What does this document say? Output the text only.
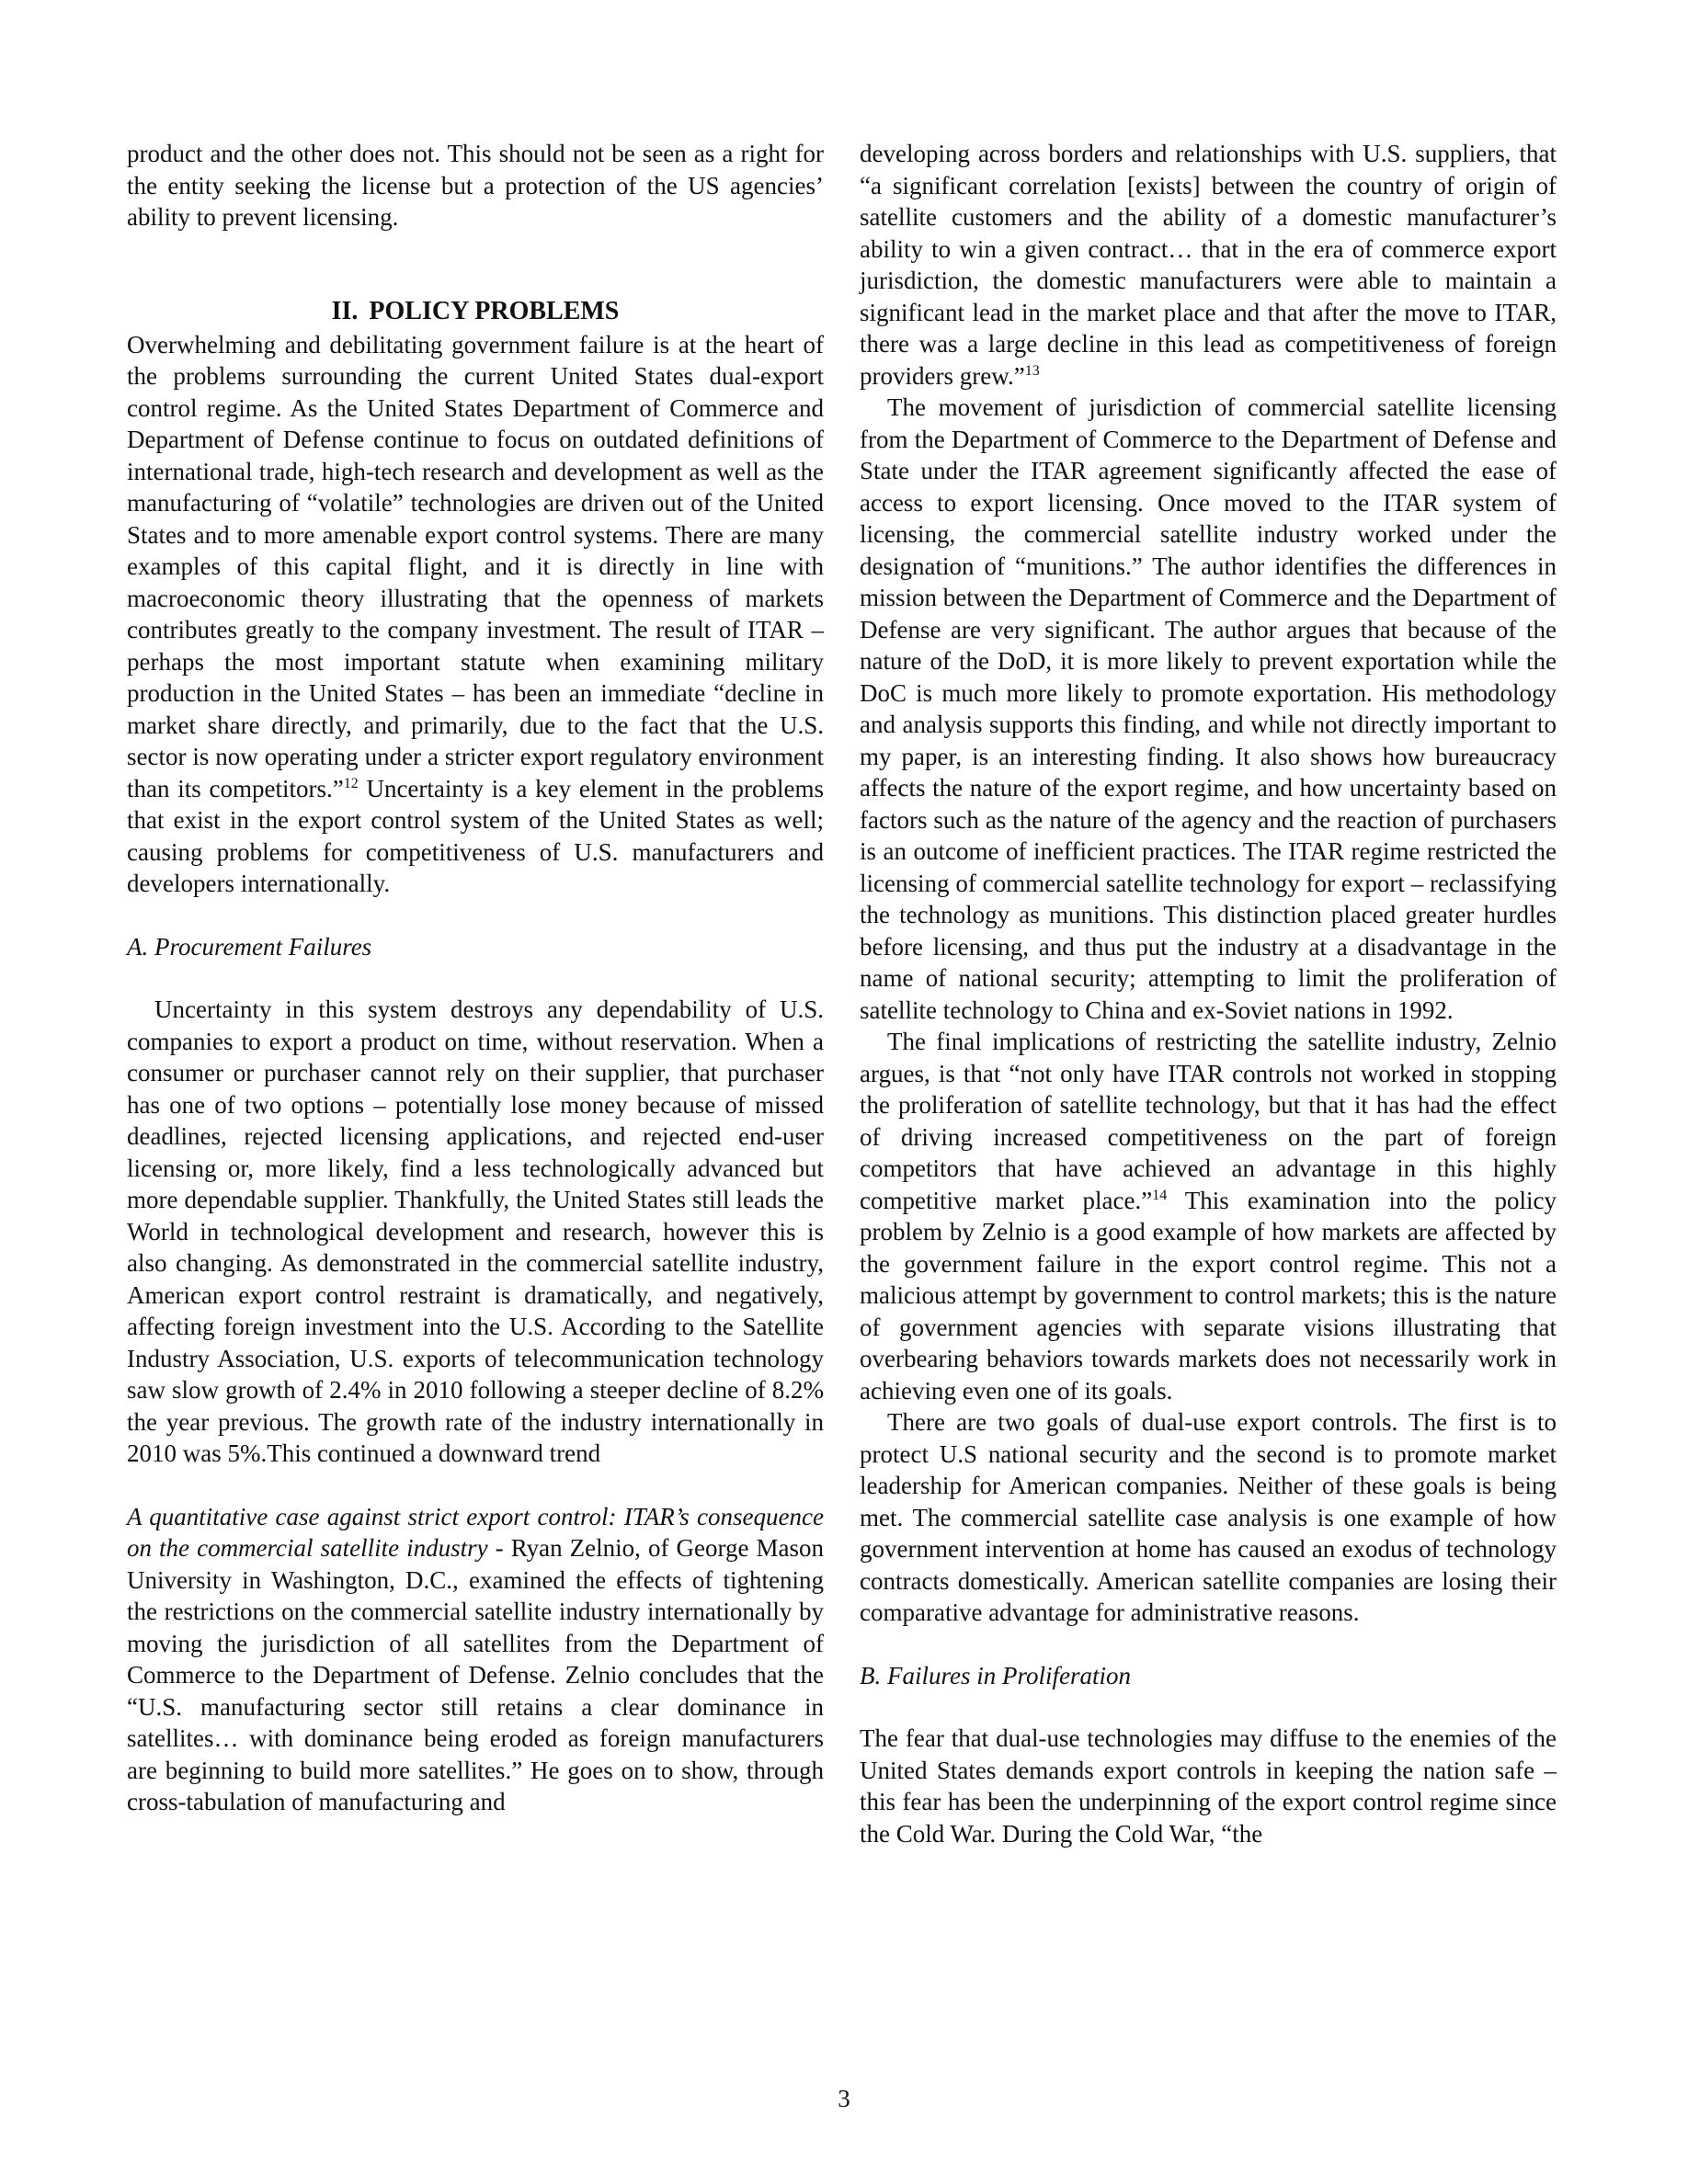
product and the other does not. This should not be seen as a right for the entity seeking the license but a protection of the US agencies’ ability to prevent licensing.

II. POLICY PROBLEMS

Overwhelming and debilitating government failure is at the heart of the problems surrounding the current United States dual-export control regime. As the United States Department of Commerce and Department of Defense continue to focus on outdated definitions of international trade, high-tech research and development as well as the manufacturing of “volatile” technologies are driven out of the United States and to more amenable export control systems. There are many examples of this capital flight, and it is directly in line with macroeconomic theory illustrating that the openness of markets contributes greatly to the company investment. The result of ITAR – perhaps the most important statute when examining military production in the United States – has been an immediate “decline in market share directly, and primarily, due to the fact that the U.S. sector is now operating under a stricter export regulatory environment than its competitors.”$^{12}$ Uncertainty is a key element in the problems that exist in the export control system of the United States as well; causing problems for competitiveness of U.S. manufacturers and developers internationally.

A. Procurement Failures

Uncertainty in this system destroys any dependability of U.S. companies to export a product on time, without reservation. When a consumer or purchaser cannot rely on their supplier, that purchaser has one of two options – potentially lose money because of missed deadlines, rejected licensing applications, and rejected end-user licensing or, more likely, find a less technologically advanced but more dependable supplier. Thankfully, the United States still leads the World in technological development and research, however this is also changing. As demonstrated in the commercial satellite industry, American export control restraint is dramatically, and negatively, affecting foreign investment into the U.S. According to the Satellite Industry Association, U.S. exports of telecommunication technology saw slow growth of 2.4% in 2010 following a steeper decline of 8.2% the year previous. The growth rate of the industry internationally in 2010 was 5%.This continued a downward trend

A quantitative case against strict export control: ITAR’s consequence on the commercial satellite industry - Ryan Zelnio, of George Mason University in Washington, D.C., examined the effects of tightening the restrictions on the commercial satellite industry internationally by moving the jurisdiction of all satellites from the Department of Commerce to the Department of Defense. Zelnio concludes that the “U.S. manufacturing sector still retains a clear dominance in satellites… with dominance being eroded as foreign manufacturers are beginning to build more satellites.” He goes on to show, through cross-tabulation of manufacturing and

developing across borders and relationships with U.S. suppliers, that “a significant correlation [exists] between the country of origin of satellite customers and the ability of a domestic manufacturer’s ability to win a given contract… that in the era of commerce export jurisdiction, the domestic manufacturers were able to maintain a significant lead in the market place and that after the move to ITAR, there was a large decline in this lead as competitiveness of foreign providers grew.”$^{13}$

The movement of jurisdiction of commercial satellite licensing from the Department of Commerce to the Department of Defense and State under the ITAR agreement significantly affected the ease of access to export licensing. Once moved to the ITAR system of licensing, the commercial satellite industry worked under the designation of “munitions.” The author identifies the differences in mission between the Department of Commerce and the Department of Defense are very significant. The author argues that because of the nature of the DoD, it is more likely to prevent exportation while the DoC is much more likely to promote exportation. His methodology and analysis supports this finding, and while not directly important to my paper, is an interesting finding. It also shows how bureaucracy affects the nature of the export regime, and how uncertainty based on factors such as the nature of the agency and the reaction of purchasers is an outcome of inefficient practices. The ITAR regime restricted the licensing of commercial satellite technology for export – reclassifying the technology as munitions. This distinction placed greater hurdles before licensing, and thus put the industry at a disadvantage in the name of national security; attempting to limit the proliferation of satellite technology to China and ex-Soviet nations in 1992.

The final implications of restricting the satellite industry, Zelnio argues, is that “not only have ITAR controls not worked in stopping the proliferation of satellite technology, but that it has had the effect of driving increased competitiveness on the part of foreign competitors that have achieved an advantage in this highly competitive market place.”$^{14}$ This examination into the policy problem by Zelnio is a good example of how markets are affected by the government failure in the export control regime. This not a malicious attempt by government to control markets; this is the nature of government agencies with separate visions illustrating that overbearing behaviors towards markets does not necessarily work in achieving even one of its goals.

There are two goals of dual-use export controls. The first is to protect U.S national security and the second is to promote market leadership for American companies. Neither of these goals is being met. The commercial satellite case analysis is one example of how government intervention at home has caused an exodus of technology contracts domestically. American satellite companies are losing their comparative advantage for administrative reasons.

B. Failures in Proliferation

The fear that dual-use technologies may diffuse to the enemies of the United States demands export controls in keeping the nation safe – this fear has been the underpinning of the export control regime since the Cold War. During the Cold War, “the

3
